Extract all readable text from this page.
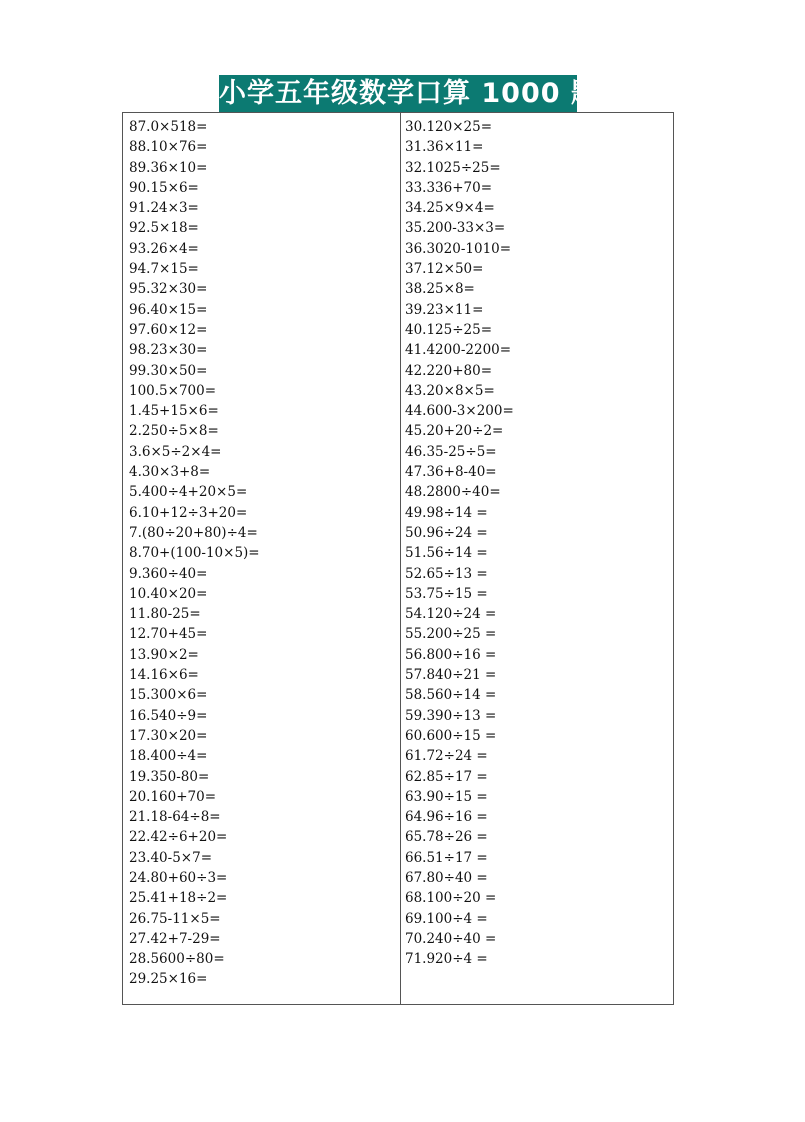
小学五年级数学口算 1000 题
87.0×518=
88.10×76=
89.36×10=
90.15×6=
91.24×3=
92.5×18=
93.26×4=
94.7×15=
95.32×30=
96.40×15=
97.60×12=
98.23×30=
99.30×50=
100.5×700=
1.45+15×6=
2.250÷5×8=
3.6×5÷2×4=
4.30×3+8=
5.400÷4+20×5=
6.10+12÷3+20=
7.(80÷20+80)÷4=
8.70+(100-10×5)=
9.360÷40=
10.40×20=
11.80-25=
12.70+45=
13.90×2=
14.16×6=
15.300×6=
16.540÷9=
17.30×20=
18.400÷4=
19.350-80=
20.160+70=
21.18-64÷8=
22.42÷6+20=
23.40-5×7=
24.80+60÷3=
25.41+18÷2=
26.75-11×5=
27.42+7-29=
28.5600÷80=
29.25×16=
30.120×25=
31.36×11=
32.1025÷25=
33.336+70=
34.25×9×4=
35.200-33×3=
36.3020-1010=
37.12×50=
38.25×8=
39.23×11=
40.125÷25=
41.4200-2200=
42.220+80=
43.20×8×5=
44.600-3×200=
45.20+20÷2=
46.35-25÷5=
47.36+8-40=
48.2800÷40=
49.98÷14 =
50.96÷24 =
51.56÷14 =
52.65÷13 =
53.75÷15 =
54.120÷24 =
55.200÷25 =
56.800÷16 =
57.840÷21 =
58.560÷14 =
59.390÷13 =
60.600÷15 =
61.72÷24 =
62.85÷17 =
63.90÷15 =
64.96÷16 =
65.78÷26 =
66.51÷17 =
67.80÷40 =
68.100÷20 =
69.100÷4 =
70.240÷40 =
71.920÷4 =
